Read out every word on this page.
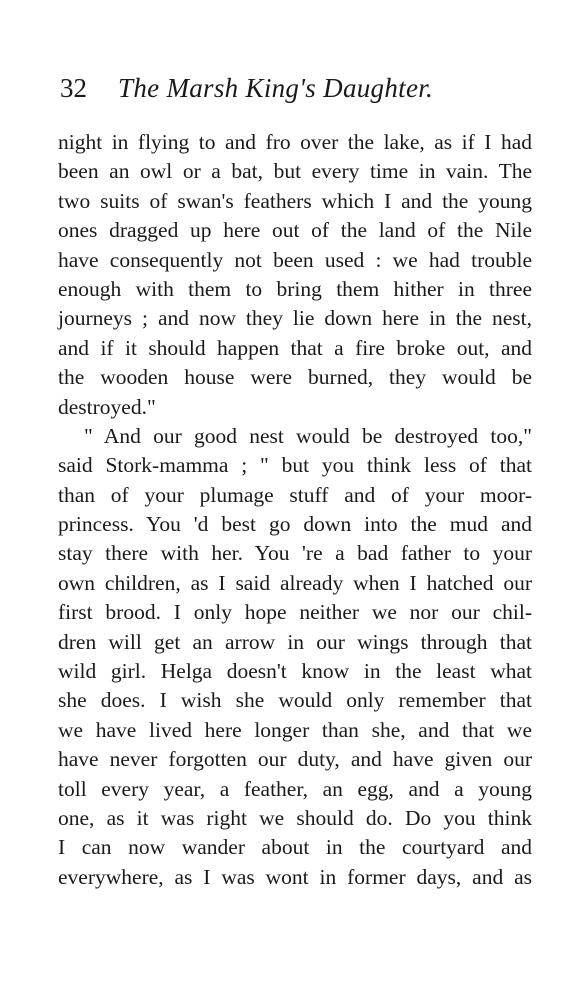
32 The Marsh King's Daughter.
night in flying to and fro over the lake, as if I had
been an owl or a bat, but every time in vain. The
two suits of swan's feathers which I and the young
ones dragged up here out of the land of the Nile
have consequently not been used : we had trouble
enough with them to bring them hither in three
journeys ; and now they lie down here in the nest,
and if it should happen that a fire broke out, and
the wooden house were burned, they would be
destroyed."
" And our good nest would be destroyed too,"
said Stork-mamma ; " but you think less of that
than of your plumage stuff and of your moor-
princess. You 'd best go down into the mud and
stay there with her. You 're a bad father to your
own children, as I said already when I hatched our
first brood. I only hope neither we nor our chil-
dren will get an arrow in our wings through that
wild girl. Helga doesn't know in the least what
she does. I wish she would only remember that
we have lived here longer than she, and that we
have never forgotten our duty, and have given our
toll every year, a feather, an egg, and a young
one, as it was right we should do. Do you think
I can now wander about in the courtyard and
everywhere, as I was wont in former days, and as
